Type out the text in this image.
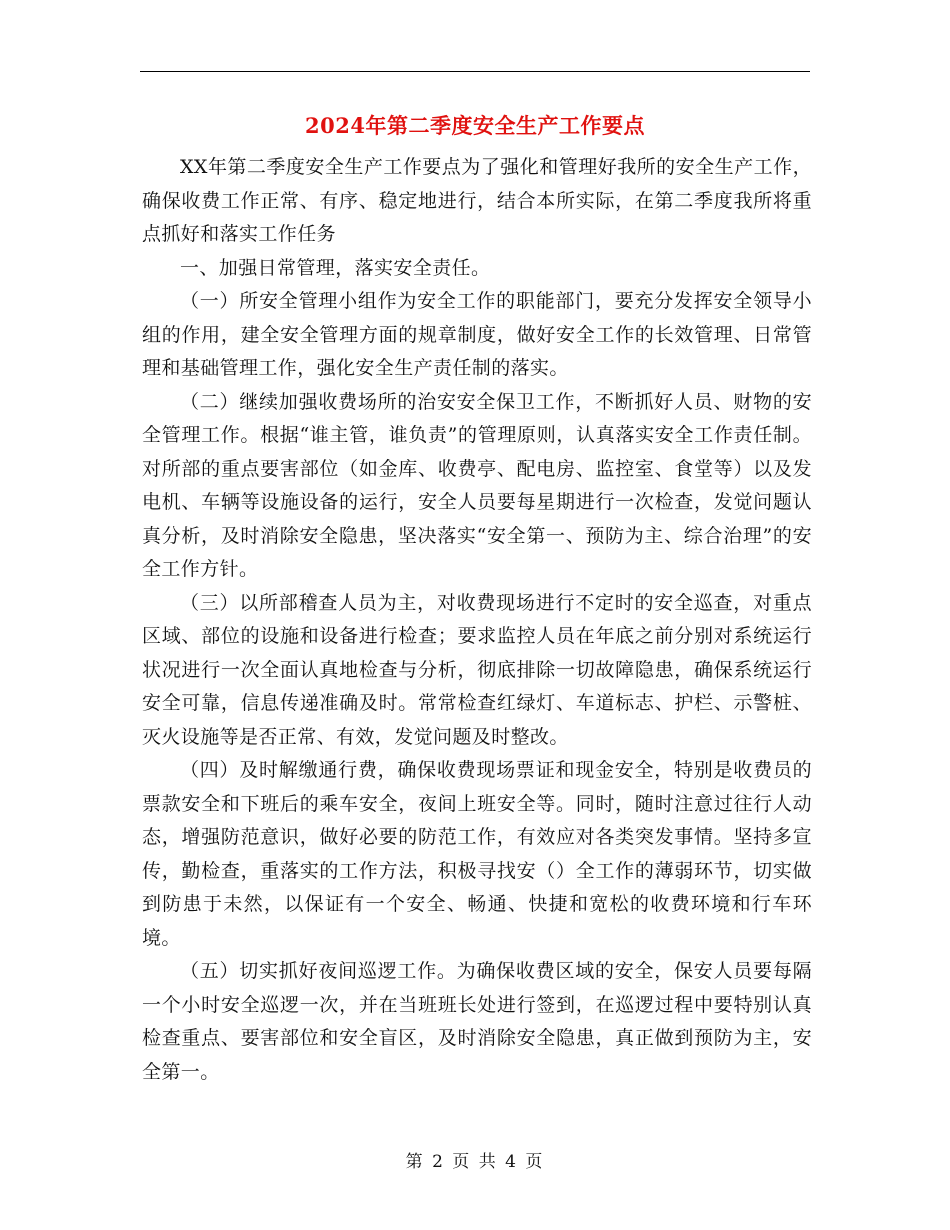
2024年第二季度安全生产工作要点

XX年第二季度安全生产工作要点为了强化和管理好我所的安全生产工作，确保收费工作正常、有序、稳定地进行，结合本所实际，在第二季度我所将重点抓好和落实工作任务

一、加强日常管理，落实安全责任。

（一）所安全管理小组作为安全工作的职能部门，要充分发挥安全领导小组的作用，建全安全管理方面的规章制度，做好安全工作的长效管理、日常管理和基础管理工作，强化安全生产责任制的落实。

（二）继续加强收费场所的治安安全保卫工作，不断抓好人员、财物的安全管理工作。根据“谁主管，谁负责”的管理原则，认真落实安全工作责任制。对所部的重点要害部位（如金库、收费亭、配电房、监控室、食堂等）以及发电机、车辆等设施设备的运行，安全人员要每星期进行一次检查，发觉问题认真分析，及时消除安全隐患，坚决落实“安全第一、预防为主、综合治理”的安全工作方针。

（三）以所部稽查人员为主，对收费现场进行不定时的安全巡查，对重点区域、部位的设施和设备进行检查；要求监控人员在年底之前分别对系统运行状况进行一次全面认真地检查与分析，彻底排除一切故障隐患，确保系统运行安全可靠，信息传递准确及时。常常检查红绿灯、车道标志、护栏、示警桩、灭火设施等是否正常、有效，发觉问题及时整改。

（四）及时解缴通行费，确保收费现场票证和现金安全，特别是收费员的票款安全和下班后的乘车安全，夜间上班安全等。同时，随时注意过往行人动态，增强防范意识，做好必要的防范工作，有效应对各类突发事情。坚持多宣传，勤检查，重落实的工作方法，积极寻找安（）全工作的薄弱环节，切实做到防患于未然，以保证有一个安全、畅通、快捷和宽松的收费环境和行车环境。

（五）切实抓好夜间巡逻工作。为确保收费区域的安全，保安人员要每隔一个小时安全巡逻一次，并在当班班长处进行签到，在巡逻过程中要特别认真检查重点、要害部位和安全盲区，及时消除安全隐患，真正做到预防为主，安全第一。

第 2 页 共 4 页
